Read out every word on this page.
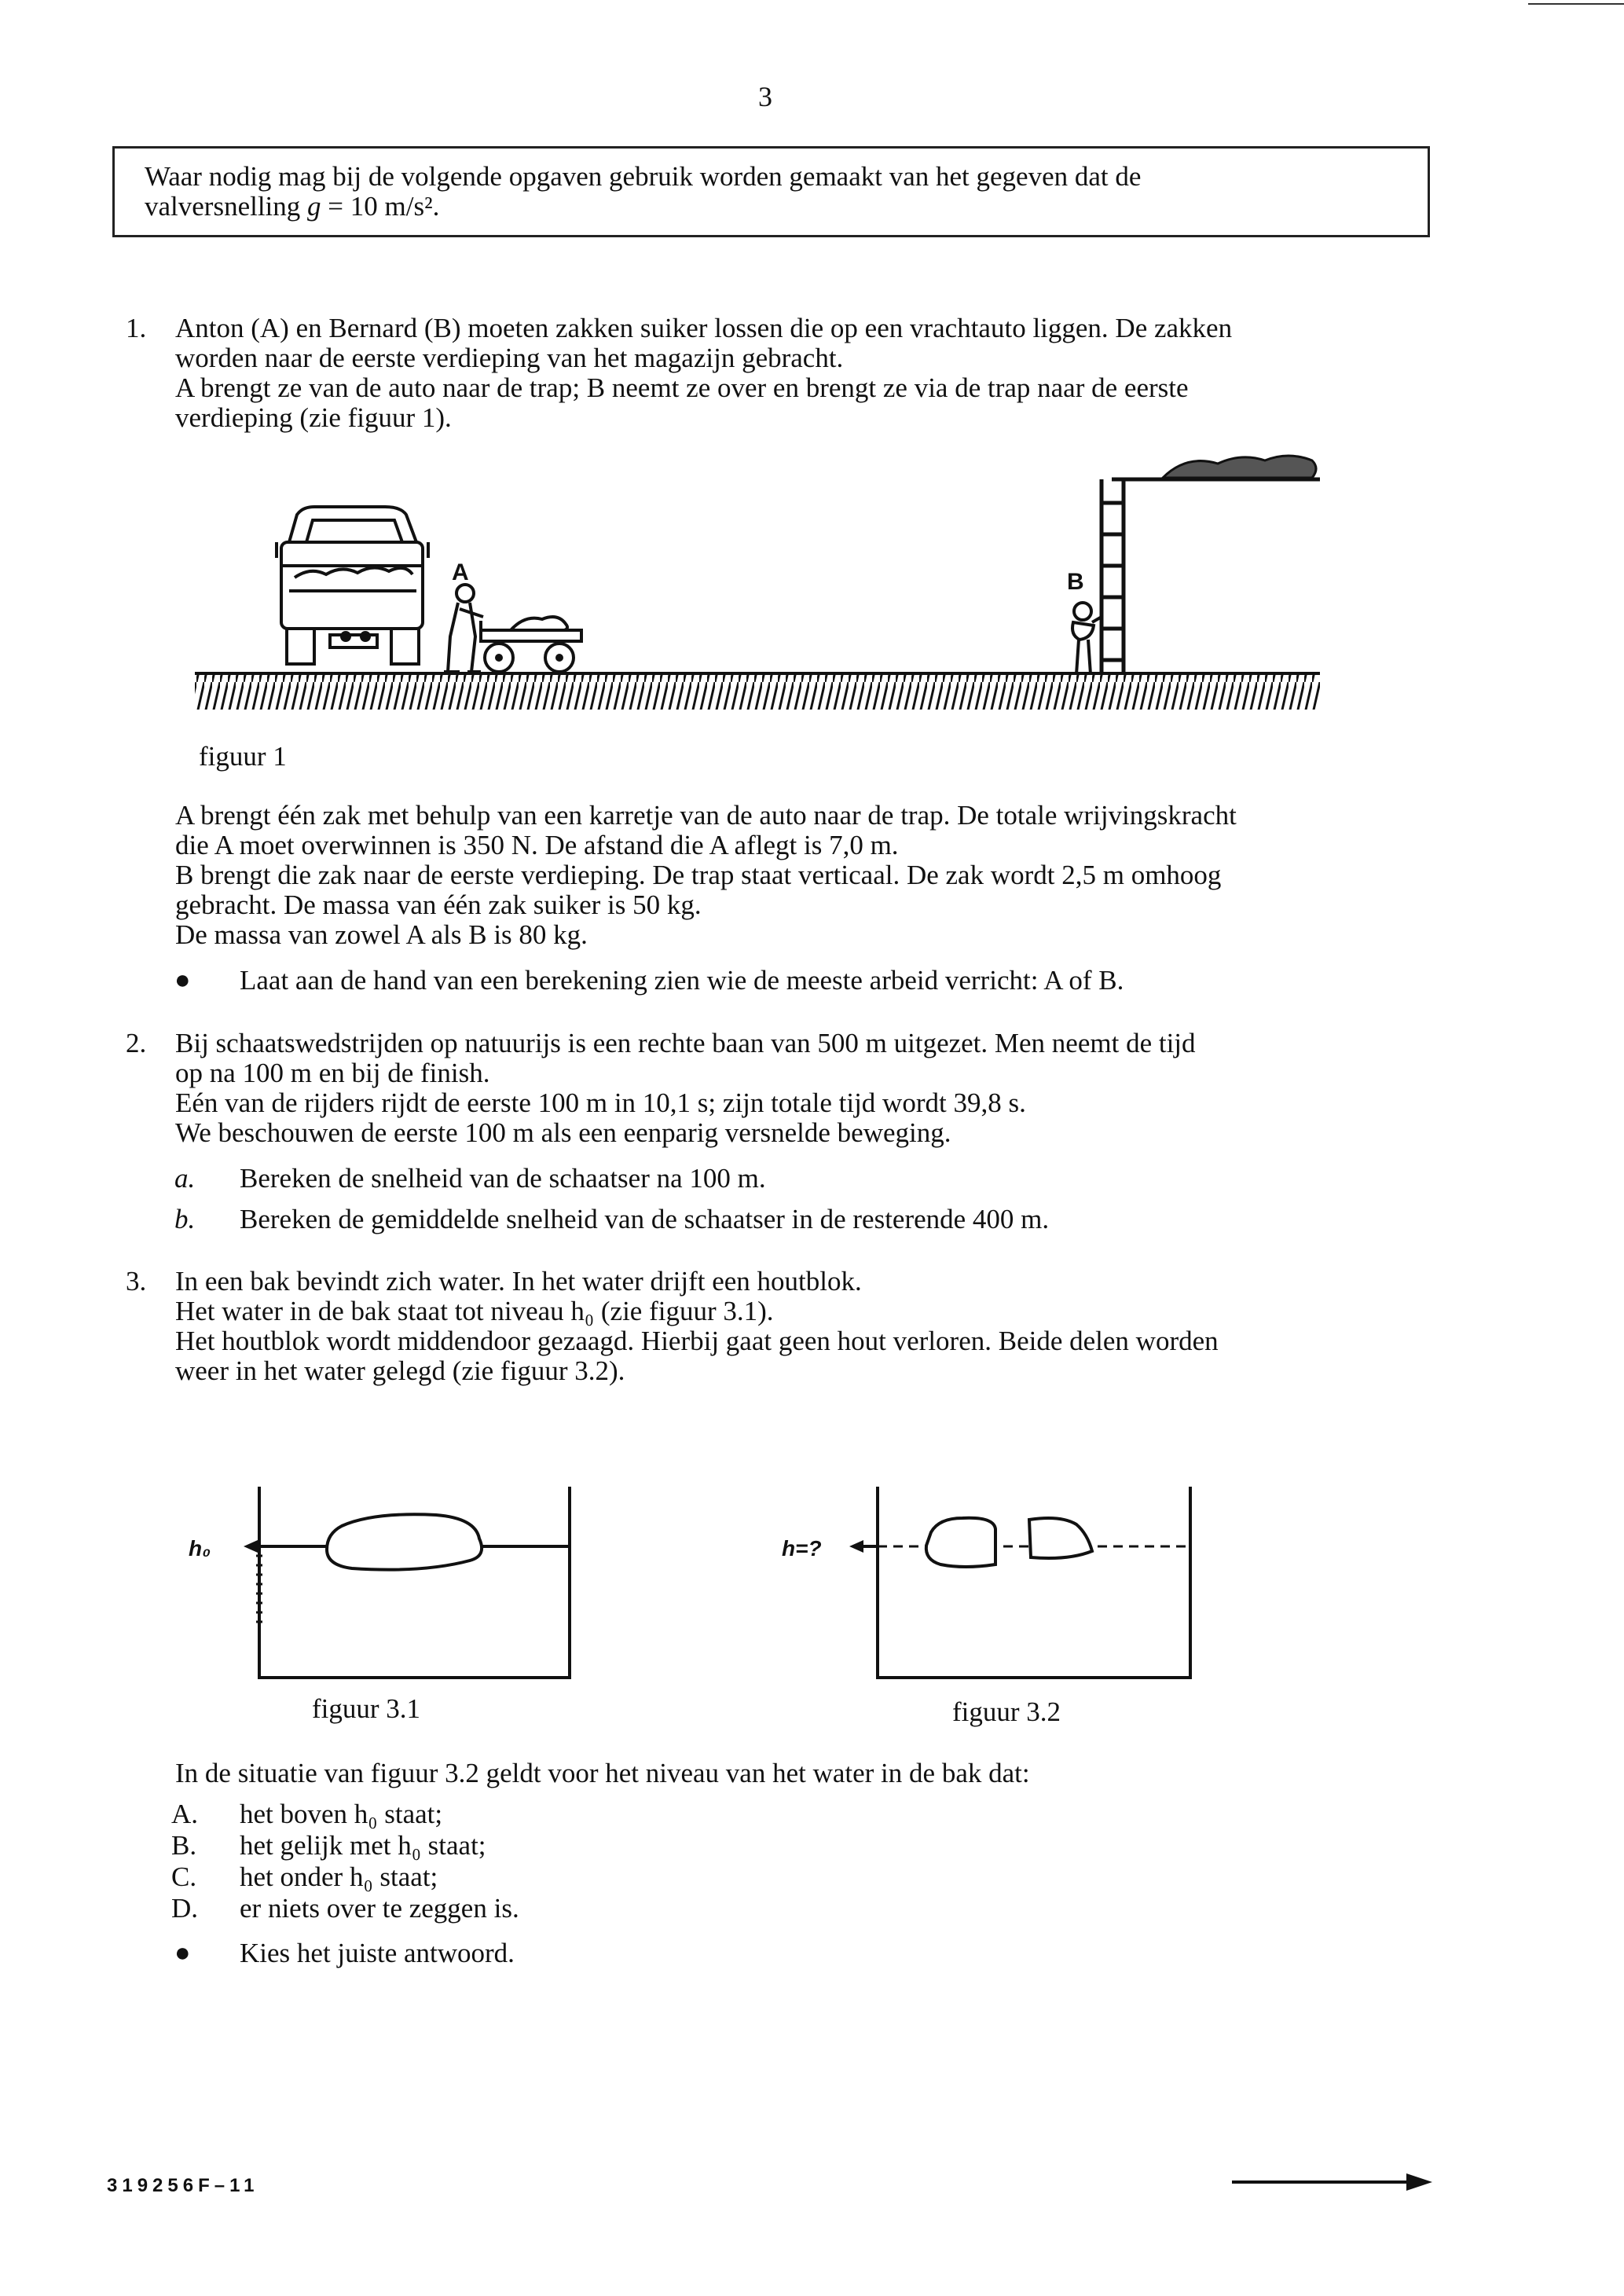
3
Waar nodig mag bij de volgende opgaven gebruik worden gemaakt van het gegeven dat de
valversnelling g = 10 m/s².
1. Anton (A) en Bernard (B) moeten zakken suiker lossen die op een vrachtauto liggen. De zakken
worden naar de eerste verdieping van het magazijn gebracht.
A brengt ze van de auto naar de trap; B neemt ze over en brengt ze via de trap naar de eerste
verdieping (zie figuur 1).
A	B
figuur 1
A brengt één zak met behulp van een karretje van de auto naar de trap. De totale wrijvingskracht
die A moet overwinnen is 350 N. De afstand die A aflegt is 7,0 m.
B brengt die zak naar de eerste verdieping. De trap staat verticaal. De zak wordt 2,5 m omhoog
gebracht. De massa van één zak suiker is 50 kg.
De massa van zowel A als B is 80 kg.
● Laat aan de hand van een berekening zien wie de meeste arbeid verricht: A of B.
2. Bij schaatswedstrijden op natuurijs is een rechte baan van 500 m uitgezet. Men neemt de tijd
op na 100 m en bij de finish.
Eén van de rijders rijdt de eerste 100 m in 10,1 s; zijn totale tijd wordt 39,8 s.
We beschouwen de eerste 100 m als een eenparig versnelde beweging.
a. Bereken de snelheid van de schaatser na 100 m.
b. Bereken de gemiddelde snelheid van de schaatser in de resterende 400 m.
3. In een bak bevindt zich water. In het water drijft een houtblok.
Het water in de bak staat tot niveau h₀ (zie figuur 3.1).
Het houtblok wordt middendoor gezaagd. Hierbij gaat geen hout verloren. Beide delen worden
weer in het water gelegd (zie figuur 3.2).
h₀
figuur 3.1
h=?
figuur 3.2
In de situatie van figuur 3.2 geldt voor het niveau van het water in de bak dat:
A. het boven h₀ staat;
B. het gelijk met h₀ staat;
C. het onder h₀ staat;
D. er niets over te zeggen is.
● Kies het juiste antwoord.
319256F–11
